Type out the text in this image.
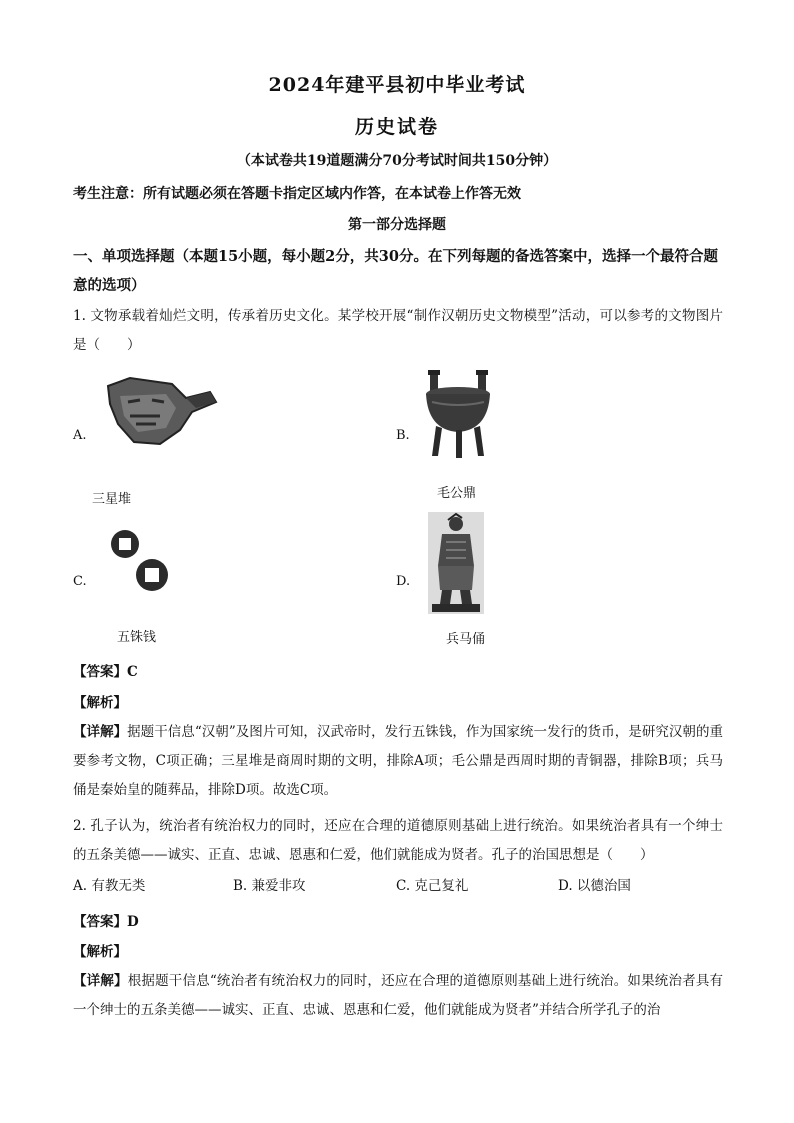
2024年建平县初中毕业考试
历史试卷
（本试卷共19道题满分70分考试时间共150分钟）
考生注意：所有试题必须在答题卡指定区域内作答，在本试卷上作答无效
第一部分选择题
一、单项选择题（本题15小题，每小题2分，共30分。在下列每题的备选答案中，选择一个最符合题意的选项）
1. 文物承载着灿烂文明，传承着历史文化。某学校开展“制作汉朝历史文物模型”活动，可以参考的文物图片是（　　）
A.
三星堆
B.
毛公鼎
C.
五铢钱
D.
兵马俑
【答案】C
【解析】
【详解】据题干信息“汉朝”及图片可知，汉武帝时，发行五铢钱，作为国家统一发行的货币，是研究汉朝的重要参考文物，C项正确；三星堆是商周时期的文明，排除A项；毛公鼎是西周时期的青铜器，排除B项；兵马俑是秦始皇的随葬品，排除D项。故选C项。
2. 孔子认为，统治者有统治权力的同时，还应在合理的道德原则基础上进行统治。如果统治者具有一个绅士的五条美德——诚实、正直、忠诚、恩惠和仁爱，他们就能成为贤者。孔子的治国思想是（　　）
A. 有教无类	B. 兼爱非攻	C. 克己复礼	D. 以德治国
【答案】D
【解析】
【详解】根据题干信息“统治者有统治权力的同时，还应在合理的道德原则基础上进行统治。如果统治者具有一个绅士的五条美德——诚实、正直、忠诚、恩惠和仁爱，他们就能成为贤者”并结合所学孔子的治
